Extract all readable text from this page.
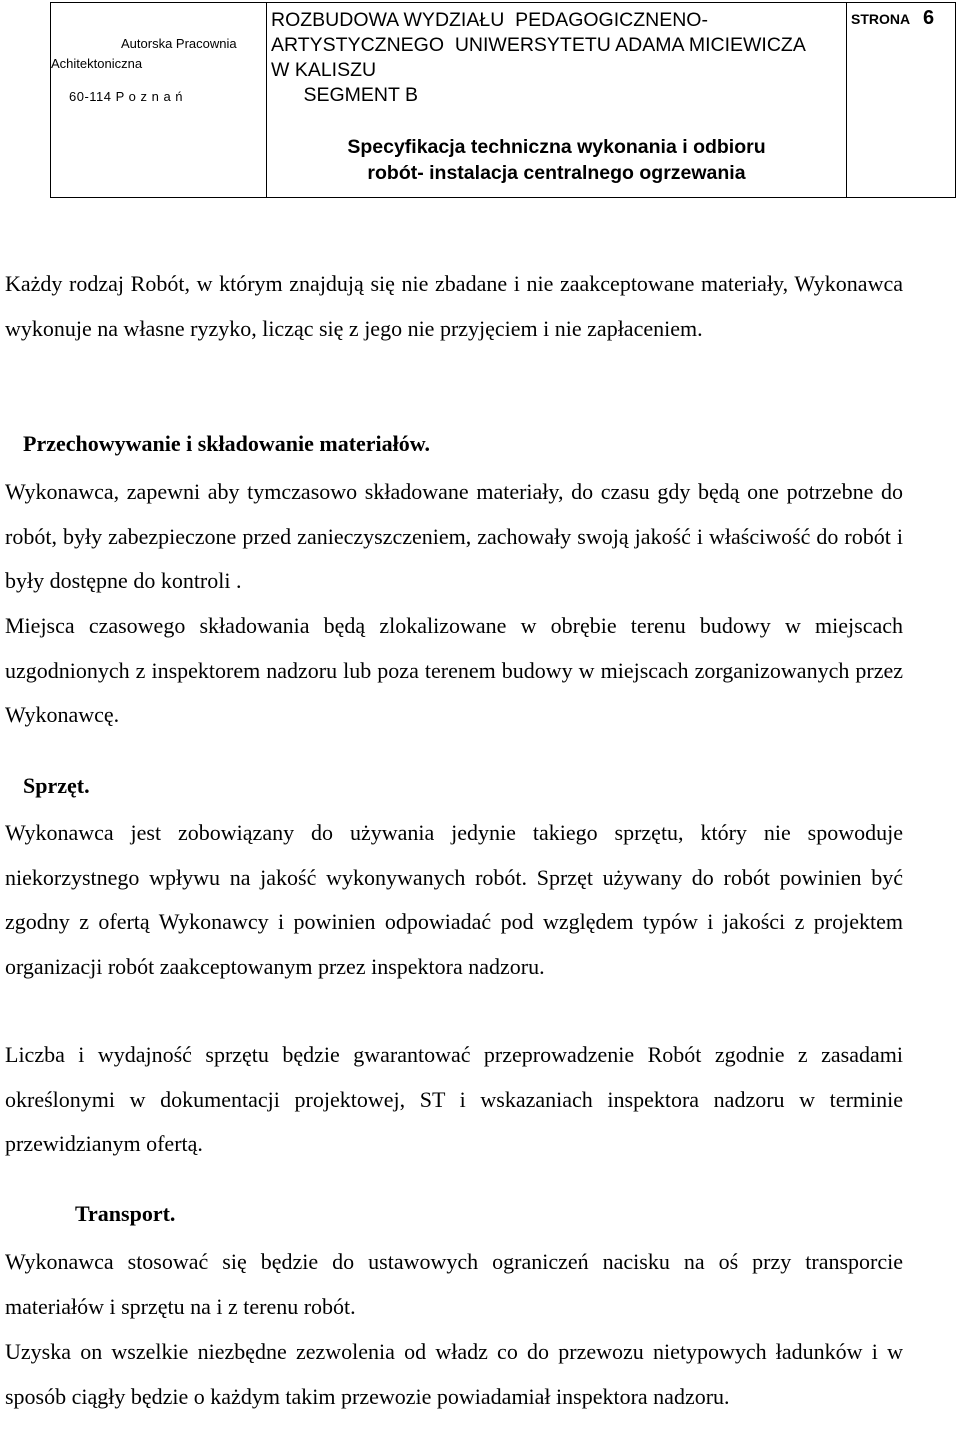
Autorska Pracownia
Achitektoniczna
60-114 P o z n a ń
ROZBUDOWA WYDZIAŁU  PEDAGOGICZNENO-
ARTYSTYCZNEGO  UNIWERSYTETU ADAMA MICIEWICZA
W KALISZU
SEGMENT B
Specyfikacja techniczna wykonania i odbioru
robót- instalacja centralnego ogrzewania
STRONA 6
Każdy rodzaj Robót, w którym znajdują się nie zbadane i nie zaakceptowane materiały, Wykonawca wykonuje na własne ryzyko, licząc się z jego nie przyjęciem i nie zapłaceniem.
Przechowywanie i składowanie materiałów.
Wykonawca, zapewni aby tymczasowo składowane materiały, do czasu gdy będą one potrzebne do robót, były zabezpieczone przed zanieczyszczeniem, zachowały swoją jakość i właściwość do robót i były dostępne do kontroli .
Miejsca czasowego składowania będą zlokalizowane w obrębie terenu budowy w miejscach uzgodnionych z inspektorem nadzoru lub poza terenem budowy w miejscach zorganizowanych przez Wykonawcę.
Sprzęt.
Wykonawca jest zobowiązany do używania jedynie takiego sprzętu, który nie spowoduje niekorzystnego wpływu na jakość wykonywanych robót. Sprzęt używany do robót powinien być zgodny z ofertą Wykonawcy i powinien odpowiadać pod względem typów i jakości z projektem organizacji robót zaakceptowanym przez inspektora nadzoru.
Liczba i wydajność sprzętu będzie gwarantować przeprowadzenie Robót zgodnie z zasadami określonymi w dokumentacji projektowej, ST i wskazaniach inspektora nadzoru w terminie przewidzianym ofertą.
Transport.
Wykonawca stosować się będzie do ustawowych ograniczeń nacisku na oś przy transporcie materiałów i sprzętu na i z terenu robót.
Uzyska on wszelkie niezbędne zezwolenia od władz co do przewozu nietypowych ładunków i w sposób ciągły będzie o każdym takim przewozie powiadamiał inspektora nadzoru.
